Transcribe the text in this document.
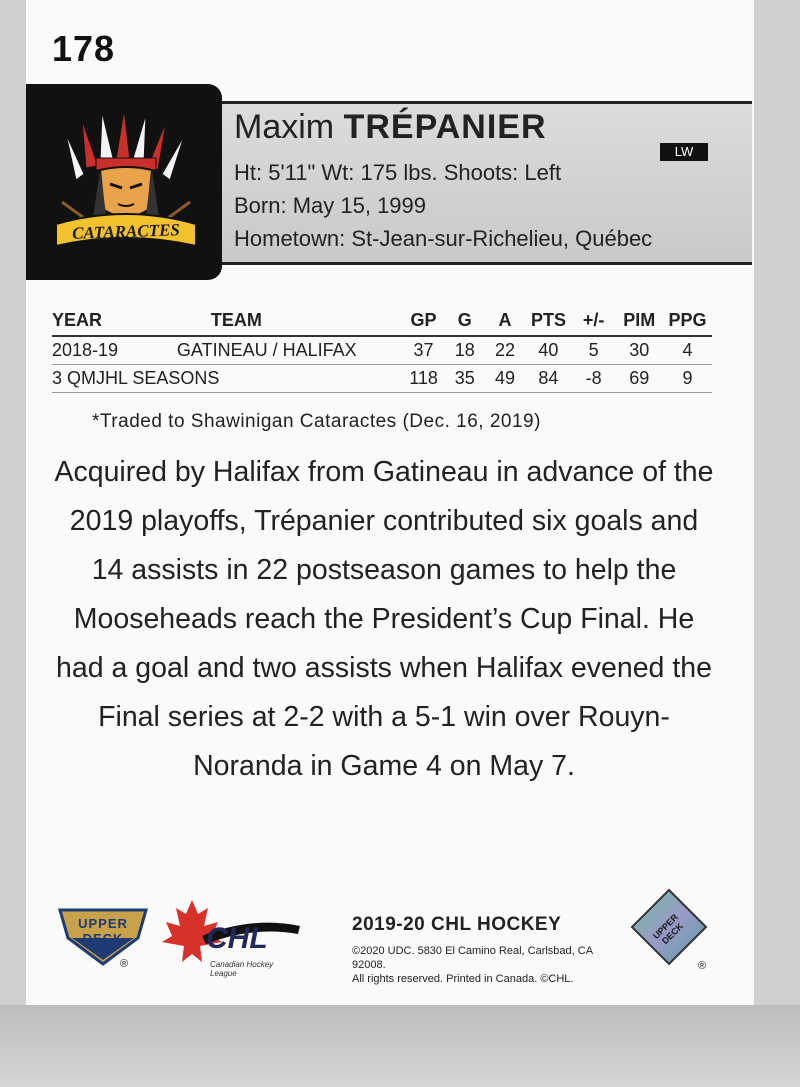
178
CATARACTES
Maxim TRÉPANIER
LW
Ht: 5'11" Wt: 175 lbs. Shoots: Left
Born: May 15, 1999
Hometown: St-Jean-sur-Richelieu, Québec
YEAR	TEAM	GP	G	A	PTS	+/-	PIM	PPG
2018-19	GATINEAU / HALIFAX	37	18	22	40	5	30	4
3 QMJHL SEASONS		118	35	49	84	-8	69	9
*Traded to Shawinigan Cataractes (Dec. 16, 2019)
Acquired by Halifax from Gatineau in advance of the 2019 playoffs, Trépanier contributed six goals and 14 assists in 22 postseason games to help the Mooseheads reach the President’s Cup Final. He had a goal and two assists when Halifax evened the Final series at 2-2 with a 5-1 win over Rouyn-Noranda in Game 4 on May 7.
UPPER DECK
®
CHL
Canadian Hockey League
2019-20 CHL HOCKEY
©2020 UDC. 5830 El Camino Real, Carlsbad, CA 92008.
All rights reserved. Printed in Canada. ©CHL.
UPPER DECK
®
